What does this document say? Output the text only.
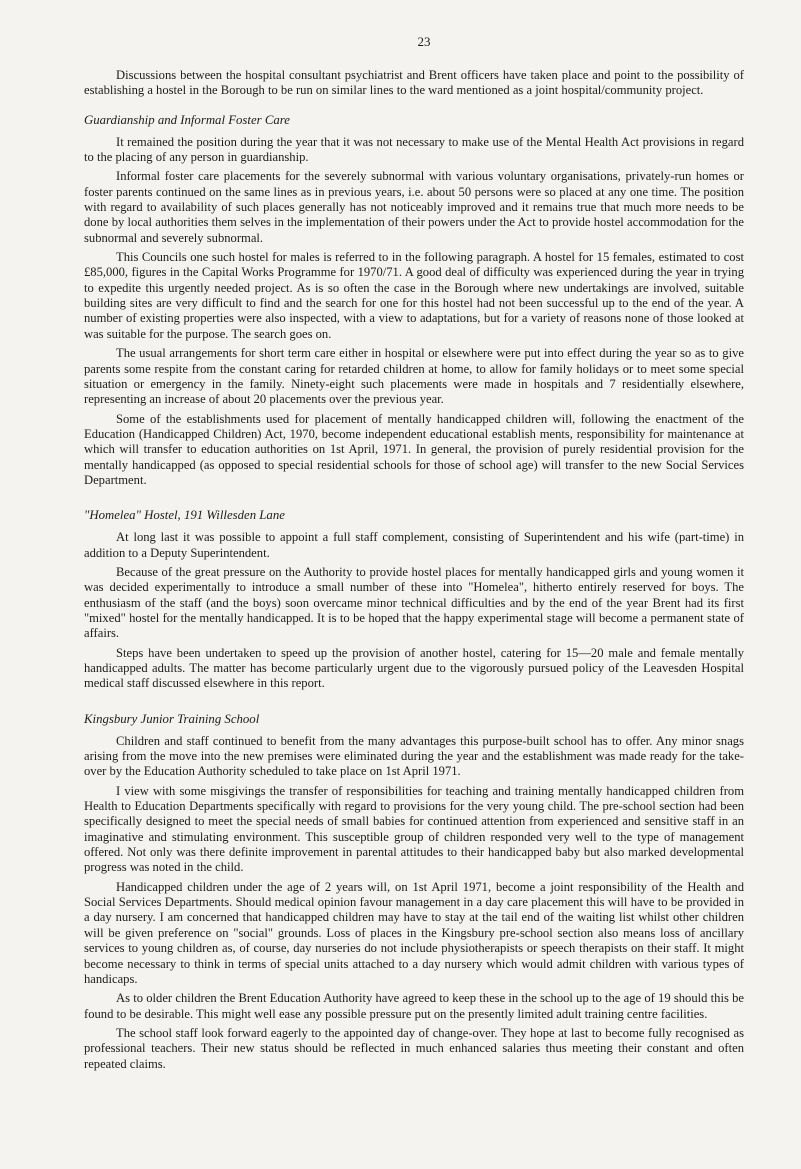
23

Discussions between the hospital consultant psychiatrist and Brent officers have taken place and point to the possibility of establishing a hostel in the Borough to be run on similar lines to the ward mentioned as a joint hospital/community project.

Guardianship and Informal Foster Care

It remained the position during the year that it was not necessary to make use of the Mental Health Act provisions in regard to the placing of any person in guardianship.

Informal foster care placements for the severely subnormal with various voluntary organisations, privately-run homes or foster parents continued on the same lines as in previous years, i.e. about 50 persons were so placed at any one time. The position with regard to availability of such places generally has not noticeably improved and it remains true that much more needs to be done by local authorities them selves in the implementation of their powers under the Act to provide hostel accommodation for the subnormal and severely subnormal.

This Councils one such hostel for males is referred to in the following paragraph. A hostel for 15 females, estimated to cost £85,000, figures in the Capital Works Programme for 1970/71. A good deal of difficulty was experienced during the year in trying to expedite this urgently needed project. As is so often the case in the Borough where new undertakings are involved, suitable building sites are very difficult to find and the search for one for this hostel had not been successful up to the end of the year. A number of existing properties were also inspected, with a view to adaptations, but for a variety of reasons none of those looked at was suitable for the purpose. The search goes on.

The usual arrangements for short term care either in hospital or elsewhere were put into effect during the year so as to give parents some respite from the constant caring for retarded children at home, to allow for family holidays or to meet some special situation or emergency in the family. Ninety-eight such placements were made in hospitals and 7 residentially elsewhere, representing an increase of about 20 placements over the previous year.

Some of the establishments used for placement of mentally handicapped children will, following the enactment of the Education (Handicapped Children) Act, 1970, become independent educational establish ments, responsibility for maintenance at which will transfer to education authorities on 1st April, 1971. In general, the provision of purely residential provision for the mentally handicapped (as opposed to special residential schools for those of school age) will transfer to the new Social Services Department.

"Homelea" Hostel, 191 Willesden Lane

At long last it was possible to appoint a full staff complement, consisting of Superintendent and his wife (part-time) in addition to a Deputy Superintendent.

Because of the great pressure on the Authority to provide hostel places for mentally handicapped girls and young women it was decided experimentally to introduce a small number of these into "Homelea", hitherto entirely reserved for boys. The enthusiasm of the staff (and the boys) soon overcame minor technical difficulties and by the end of the year Brent had its first "mixed" hostel for the mentally handicapped. It is to be hoped that the happy experimental stage will become a permanent state of affairs.

Steps have been undertaken to speed up the provision of another hostel, catering for 15—20 male and female mentally handicapped adults. The matter has become particularly urgent due to the vigorously pursued policy of the Leavesden Hospital medical staff discussed elsewhere in this report.

Kingsbury Junior Training School

Children and staff continued to benefit from the many advantages this purpose-built school has to offer. Any minor snags arising from the move into the new premises were eliminated during the year and the establishment was made ready for the take-over by the Education Authority scheduled to take place on 1st April 1971.

I view with some misgivings the transfer of responsibilities for teaching and training mentally handicapped children from Health to Education Departments specifically with regard to provisions for the very young child. The pre-school section had been specifically designed to meet the special needs of small babies for continued attention from experienced and sensitive staff in an imaginative and stimulating environment. This susceptible group of children responded very well to the type of management offered. Not only was there definite improvement in parental attitudes to their handicapped baby but also marked developmental progress was noted in the child.

Handicapped children under the age of 2 years will, on 1st April 1971, become a joint responsibility of the Health and Social Services Departments. Should medical opinion favour management in a day care placement this will have to be provided in a day nursery. I am concerned that handicapped children may have to stay at the tail end of the waiting list whilst other children will be given preference on "social" grounds. Loss of places in the Kingsbury pre-school section also means loss of ancillary services to young children as, of course, day nurseries do not include physiotherapists or speech therapists on their staff. It might become necessary to think in terms of special units attached to a day nursery which would admit children with various types of handicaps.

As to older children the Brent Education Authority have agreed to keep these in the school up to the age of 19 should this be found to be desirable. This might well ease any possible pressure put on the presently limited adult training centre facilities.

The school staff look forward eagerly to the appointed day of change-over. They hope at last to become fully recognised as professional teachers. Their new status should be reflected in much enhanced salaries thus meeting their constant and often repeated claims.
